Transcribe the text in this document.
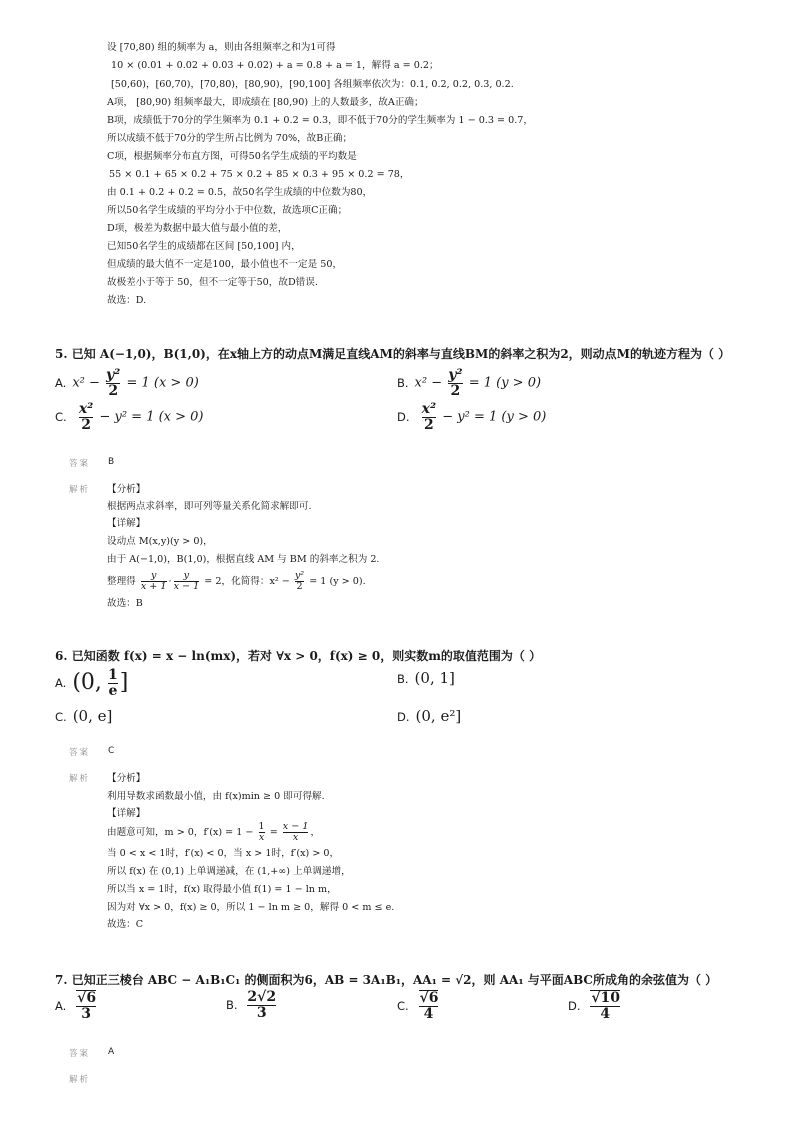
设 [70,80) 组的频率为 a，则由各组频率之和为1可得
10 × (0.01 + 0.02 + 0.03 + 0.02) + a = 0.8 + a = 1，解得 a = 0.2；
[50,60)，[60,70)，[70,80)，[80,90)，[90,100] 各组频率依次为：0.1, 0.2, 0.2, 0.3, 0.2.
A项， [80,90) 组频率最大，即成绩在 [80,90) 上的人数最多，故A正确；
B项，成绩低于70分的学生频率为 0.1 + 0.2 = 0.3，即不低于70分的学生频率为 1 − 0.3 = 0.7，
所以成绩不低于70分的学生所占比例为 70%，故B正确；
C项，根据频率分布直方图，可得50名学生成绩的平均数是
55 × 0.1 + 65 × 0.2 + 75 × 0.2 + 85 × 0.3 + 95 × 0.2 = 78，
由 0.1 + 0.2 + 0.2 = 0.5，故50名学生成绩的中位数为80，
所以50名学生成绩的平均分小于中位数，故选项C正确；
D项，极差为数据中最大值与最小值的差，
已知50名学生的成绩都在区间 [50,100] 内，
但成绩的最大值不一定是100，最小值也不一定是 50，
故极差小于等于 50，但不一定等于50，故D错误.
故选：D.
5. 已知 A(−1,0)，B(1,0)，在x轴上方的动点M满足直线AM的斜率与直线BM的斜率之积为2，则动点M的轨迹方程为（ ）
A. $x^2 - \frac{\text{y²}}{2} = 1$ (x > 0)	B. $x^2 - \frac{\text{y²}}{2} = 1$ (y > 0)
C. $\frac{\text{x²}}{2} - y^2 = 1$ (x > 0)	D. $\frac{\text{x²}}{2} - y^2 = 1$ (y > 0)
答案 B
解析 【分析】
根据两点求斜率，即可列等量关系化简求解即可.
【详解】
设动点 M(x,y)(y > 0)，
由于 A(−1,0)，B(1,0)，根据直线 AM 与 BM 的斜率之积为 2.
整理得 $\frac{y}{x + 1} \cdot \frac{y}{x - 1} = 2$，化简得：$x^2 - \frac{\text{y²}}{2} = 1$ (y > 0).
故选：B
6. 已知函数 f(x) = x − ln(mx)，若对 ∀x > 0，f(x) ≥ 0，则实数m的取值范围为（ ）
A. (0, $\frac{1}{e}$ ]	B. (0, 1]
C. (0, e]	D. (0, e²]
答案 C
解析 【分析】
利用导数求函数最小值，由 f(x)min ≥ 0 即可得解.
【详解】
由题意可知，m > 0，$f'(x) = 1 - \frac{1}{x} = \frac{x - 1}{x}$ ，
当 0 < x < 1时，f′(x) < 0，当 x > 1时，f′(x) > 0，
所以 f(x) 在 (0,1) 上单调递减，在 (1,+∞) 上单调递增，
所以当 x = 1时，f(x) 取得最小值 f(1) = 1 − ln m，
因为对 ∀x > 0，f(x) ≥ 0，所以 1 − ln m ≥ 0，解得 0 < m ≤ e.
故选：C
7. 已知正三棱台 ABC − A₁B₁C₁ 的侧面积为6，AB = 3A₁B₁，AA₁ = √2，则 AA₁ 与平面ABC所成角的余弦值为（ ）
A. $\frac{√6}{3}$	B. $\frac{2√2}{3}$	C. $\frac{√6}{4}$	D. $\frac{√10}{4}$
答案 A
解析
